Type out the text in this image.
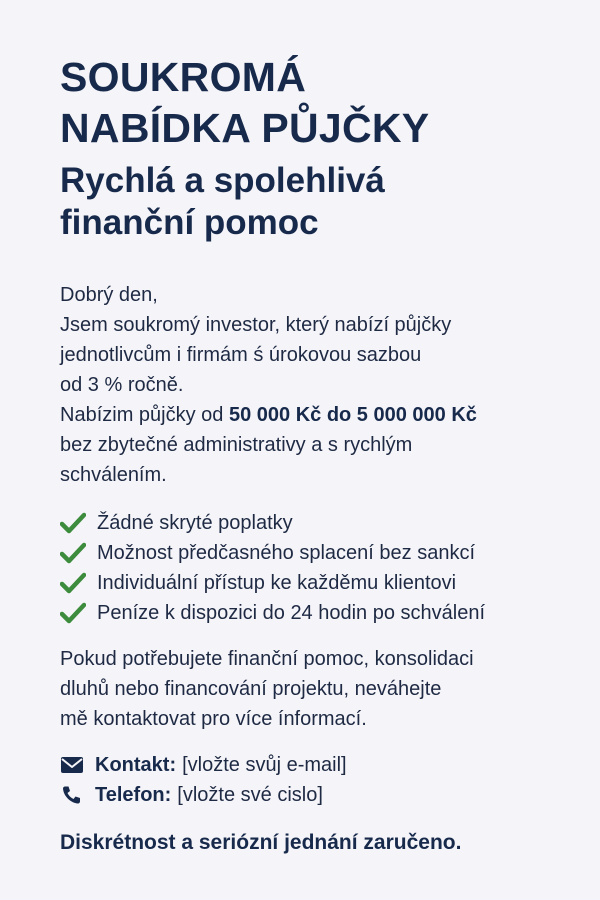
SOUKROMÁ
NABÍDKA PŮJČKY
Rychlá a spolehlivá
finanční pomoc

Dobrý den,
Jsem soukromý investor, který nabízí půjčky
jednotlivcům i firmám ś úrokovou sazbou
od 3 % ročně.

Nabízim půjčky od 50 000 Kč do 5 000 000 Kč
bez zbytečné administrativy a s rychlým
schválením.

Žádné skryté poplatky
Možnost předčasného splacení bez sankcí
Individuální přístup ke každěmu klientovi
Peníze k dispozici do 24 hodin po schválení

Pokud potřebujete finanční pomoc, konsolidaci
dluhů nebo financování projektu, neváhejte
mě kontaktovat pro více ínformací.

Kontakt: [vložte svůj e-mail]
Telefon: [vložte své cislo]
Diskrétnost a seriózní jednání zaručeno.
